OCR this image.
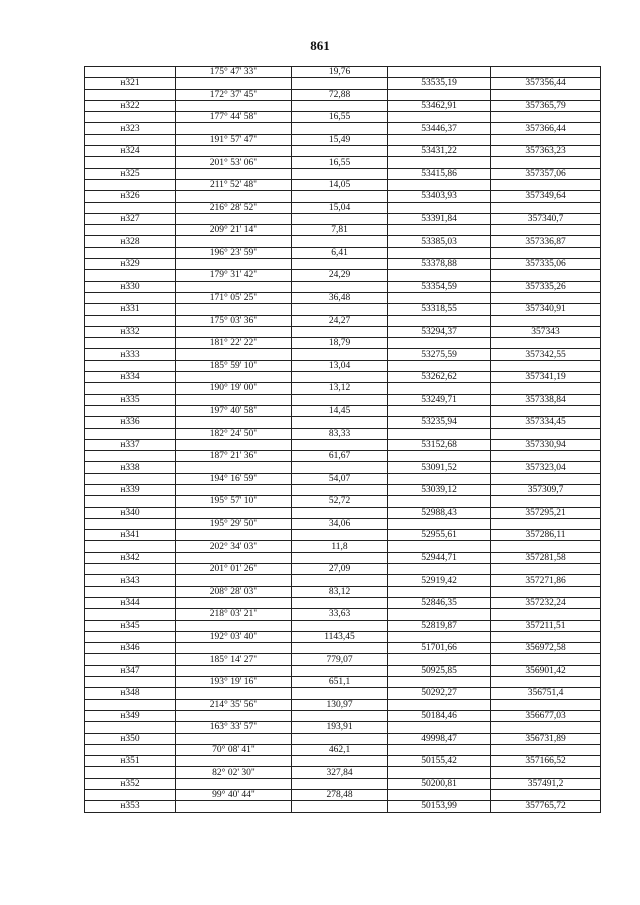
861
	175° 47' 33"	19,76		
н321			53535,19	357356,44
	172° 37' 45"	72,88		
н322			53462,91	357365,79
	177° 44' 58"	16,55		
н323			53446,37	357366,44
	191° 57' 47"	15,49		
н324			53431,22	357363,23
	201° 53' 06"	16,55		
н325			53415,86	357357,06
	211° 52' 48"	14,05		
н326			53403,93	357349,64
	216° 28' 52"	15,04		
н327			53391,84	357340,7
	209° 21' 14"	7,81		
н328			53385,03	357336,87
	196° 23' 59"	6,41		
н329			53378,88	357335,06
	179° 31' 42"	24,29		
н330			53354,59	357335,26
	171° 05' 25"	36,48		
н331			53318,55	357340,91
	175° 03' 36"	24,27		
н332			53294,37	357343
	181° 22' 22"	18,79		
н333			53275,59	357342,55
	185° 59' 10"	13,04		
н334			53262,62	357341,19
	190° 19' 00"	13,12		
н335			53249,71	357338,84
	197° 40' 58"	14,45		
н336			53235,94	357334,45
	182° 24' 50"	83,33		
н337			53152,68	357330,94
	187° 21' 36"	61,67		
н338			53091,52	357323,04
	194° 16' 59"	54,07		
н339			53039,12	357309,7
	195° 57' 10"	52,72		
н340			52988,43	357295,21
	195° 29' 50"	34,06		
н341			52955,61	357286,11
	202° 34' 03"	11,8		
н342			52944,71	357281,58
	201° 01' 26"	27,09		
н343			52919,42	357271,86
	208° 28' 03"	83,12		
н344			52846,35	357232,24
	218° 03' 21"	33,63		
н345			52819,87	357211,51
	192° 03' 40"	1143,45		
н346			51701,66	356972,58
	185° 14' 27"	779,07		
н347			50925,85	356901,42
	193° 19' 16"	651,1		
н348			50292,27	356751,4
	214° 35' 56"	130,97		
н349			50184,46	356677,03
	163° 33' 57"	193,91		
н350			49998,47	356731,89
	70° 08' 41"	462,1		
н351			50155,42	357166,52
	82° 02' 30"	327,84		
н352			50200,81	357491,2
	99° 40' 44"	278,48		
н353			50153,99	357765,72
